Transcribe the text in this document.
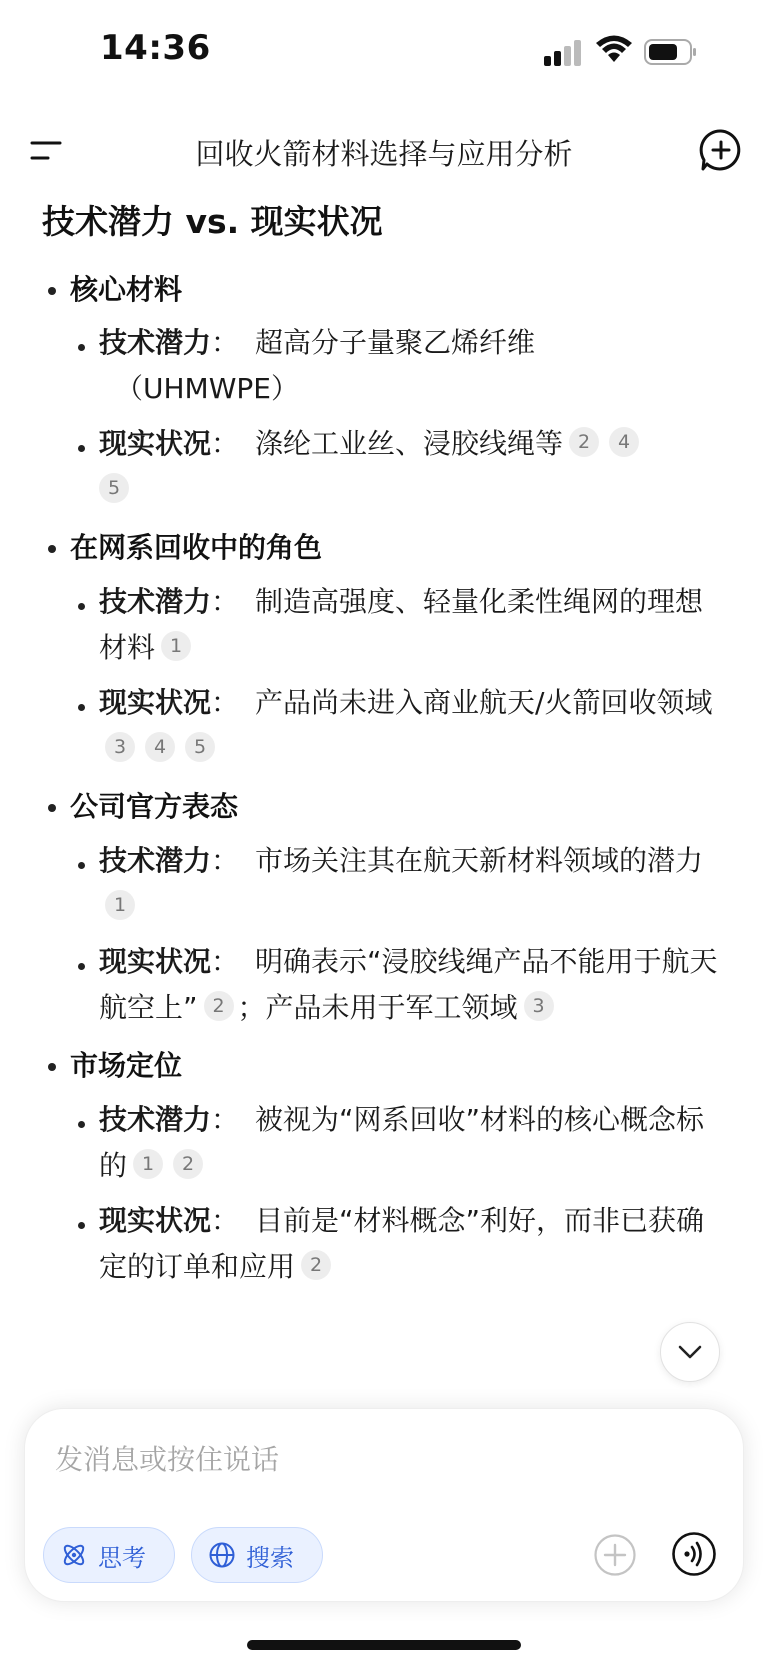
14:36
回收火箭材料选择与应用分析
技术潜力 vs. 现实状况
核心材料
技术潜力： 超高分子量聚乙烯纤维
（UHMWPE）
现实状况： 涤纶工业丝、浸胶线绳等 2 4
5
在网系回收中的角色
技术潜力： 制造高强度、轻量化柔性绳网的理想材料 1
现实状况： 产品尚未进入商业航天/火箭回收领域3 4 5
公司官方表态
技术潜力： 市场关注其在航天新材料领域的潜力1
现实状况： 明确表示“浸胶线绳产品不能用于航天航空上” 2 ；产品未用于军工领域 3
市场定位
技术潜力： 被视为“网系回收”材料的核心概念标的 1 2
现实状况： 目前是“材料概念”利好，而非已获确定的订单和应用 2
发消息或按住说话
思考	搜索
